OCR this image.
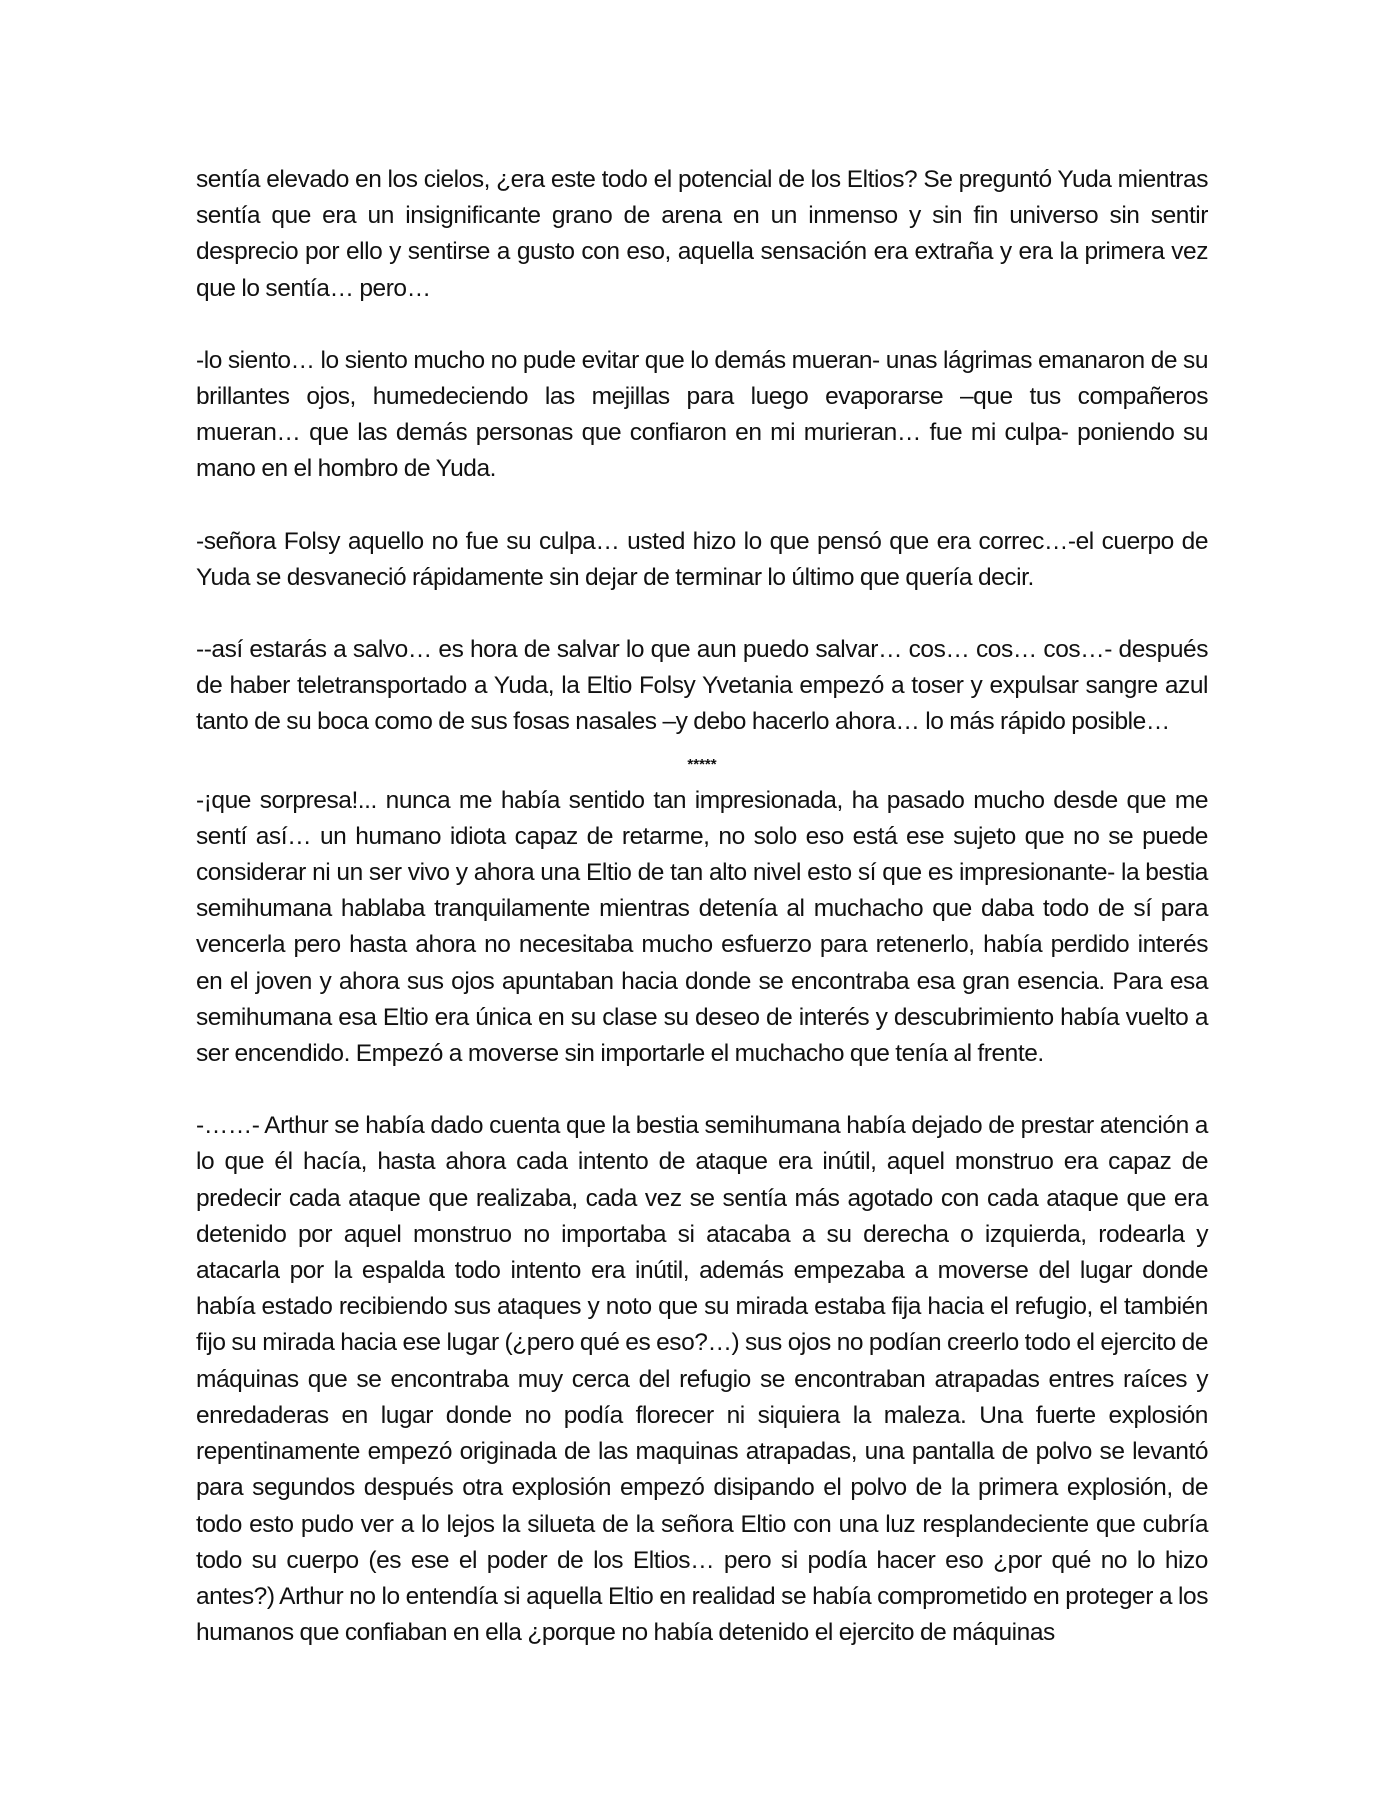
sentía elevado en los cielos, ¿era este todo el potencial de los Eltios? Se preguntó Yuda mientras sentía que era un insignificante grano de arena en un inmenso y sin fin universo sin sentir desprecio por ello y sentirse a gusto con eso, aquella sensación era extraña y era la primera vez que lo sentía… pero…

-lo siento… lo siento mucho no pude evitar que lo demás mueran- unas lágrimas emanaron de su brillantes ojos, humedeciendo las mejillas para luego evaporarse –que tus compañeros mueran… que las demás personas que confiaron en mi murieran… fue mi culpa- poniendo su mano en el hombro de Yuda.

-señora Folsy aquello no fue su culpa… usted hizo lo que pensó que era correc…-el cuerpo de Yuda se desvaneció rápidamente sin dejar de terminar lo último que quería decir.

--así estarás a salvo… es hora de salvar lo que aun puedo salvar… cos… cos… cos…- después de haber teletransportado a Yuda, la Eltio Folsy Yvetania empezó a toser y expulsar sangre azul tanto de su boca como de sus fosas nasales –y debo hacerlo ahora… lo más rápido posible…

*****

-¡que sorpresa!... nunca me había sentido tan impresionada, ha pasado mucho desde que me sentí así… un humano idiota capaz de retarme, no solo eso está ese sujeto que no se puede considerar ni un ser vivo y ahora una Eltio de tan alto nivel esto sí que es impresionante- la bestia semihumana hablaba tranquilamente mientras detenía al muchacho que daba todo de sí para vencerla pero hasta ahora no necesitaba mucho esfuerzo para retenerlo, había perdido interés en el joven y ahora sus ojos apuntaban hacia donde se encontraba esa gran esencia. Para esa semihumana esa Eltio era única en su clase su deseo de interés y descubrimiento había vuelto a ser encendido. Empezó a moverse sin importarle el muchacho que tenía al frente.

-……- Arthur se había dado cuenta que la bestia semihumana había dejado de prestar atención a lo que él hacía, hasta ahora cada intento de ataque era inútil, aquel monstruo era capaz de predecir cada ataque que realizaba, cada vez se sentía más agotado con cada ataque que era detenido por aquel monstruo no importaba si atacaba a su derecha o izquierda, rodearla y atacarla por la espalda todo intento era inútil, además empezaba a moverse del lugar donde había estado recibiendo sus ataques y noto que su mirada estaba fija hacia el refugio, el también fijo su mirada hacia ese lugar (¿pero qué es eso?…) sus ojos no podían creerlo todo el ejercito de máquinas que se encontraba muy cerca del refugio se encontraban atrapadas entres raíces y enredaderas en lugar donde no podía florecer ni siquiera la maleza. Una fuerte explosión repentinamente empezó originada de las maquinas atrapadas, una pantalla de polvo se levantó para segundos después otra explosión empezó disipando el polvo de la primera explosión, de todo esto pudo ver a lo lejos la silueta de la señora Eltio con una luz resplandeciente que cubría todo su cuerpo (es ese el poder de los Eltios… pero si podía hacer eso ¿por qué no lo hizo antes?) Arthur no lo entendía si aquella Eltio en realidad se había comprometido en proteger a los humanos que confiaban en ella ¿porque no había detenido el ejercito de máquinas
